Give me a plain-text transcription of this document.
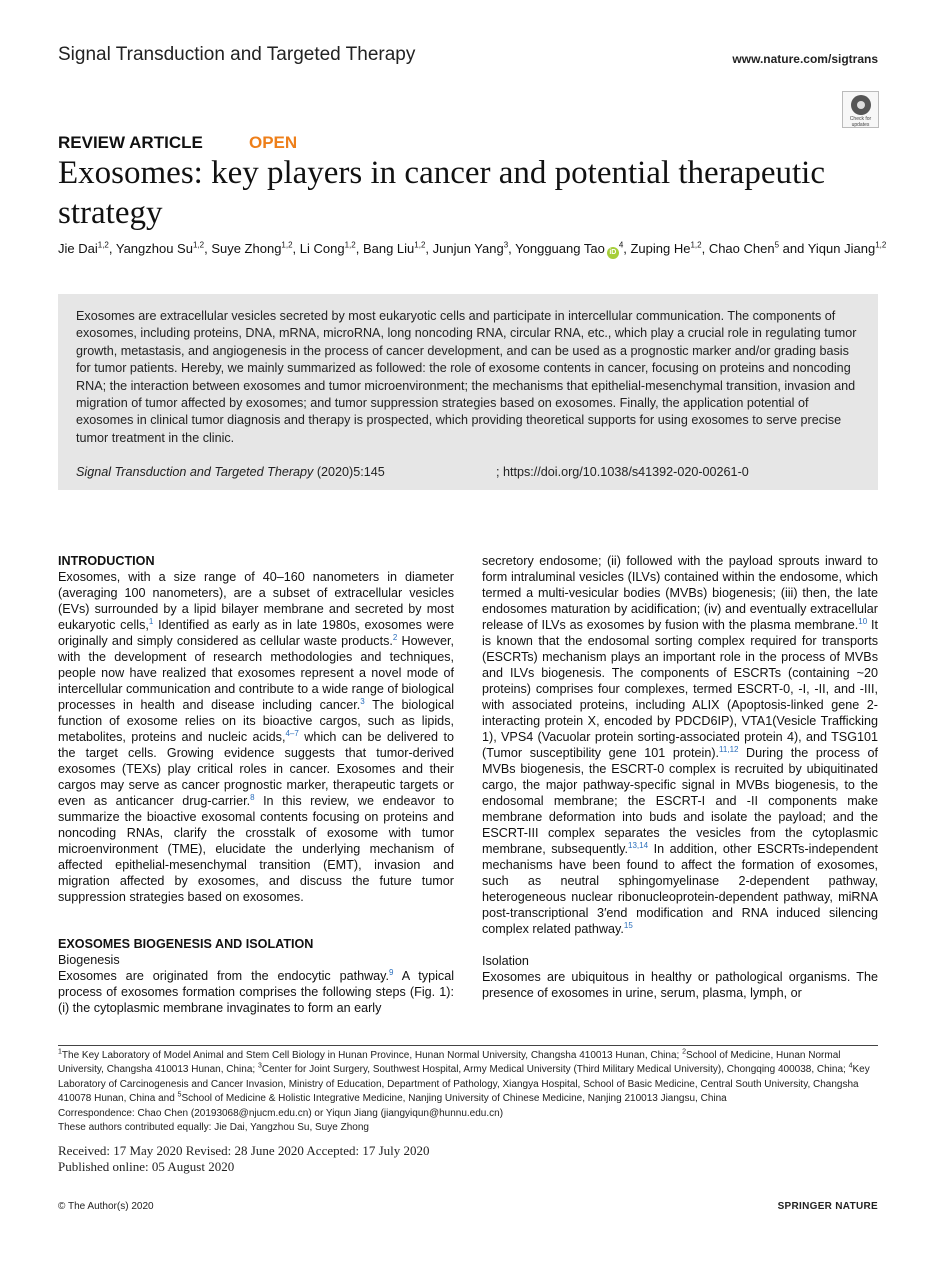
Signal Transduction and Targeted Therapy	www.nature.com/sigtrans
Check for updates
REVIEW ARTICLE	OPEN
Exosomes: key players in cancer and potential therapeutic strategy
Jie Dai$^{1,2}$, Yangzhou Su$^{1,2}$, Suye Zhong$^{1,2}$, Li Cong$^{1,2}$, Bang Liu$^{1,2}$, Junjun Yang$^3$, Yongguang Tao $iD^4$, Zuping He$^{1,2}$, Chao Chen$^5$ and Yiqun Jiang$^{1,2}$
Exosomes are extracellular vesicles secreted by most eukaryotic cells and participate in intercellular communication. The components of exosomes, including proteins, DNA, mRNA, microRNA, long noncoding RNA, circular RNA, etc., which play a crucial role in regulating tumor growth, metastasis, and angiogenesis in the process of cancer development, and can be used as a prognostic marker and/or grading basis for tumor patients. Hereby, we mainly summarized as followed: the role of exosome contents in cancer, focusing on proteins and noncoding RNA; the interaction between exosomes and tumor microenvironment; the mechanisms that epithelial-mesenchymal transition, invasion and migration of tumor affected by exosomes; and tumor suppression strategies based on exosomes. Finally, the application potential of exosomes in clinical tumor diagnosis and therapy is prospected, which providing theoretical supports for using exosomes to serve precise tumor treatment in the clinic.
Signal Transduction and Targeted Therapy (2020)5:145	; https://doi.org/10.1038/s41392-020-00261-0

INTRODUCTION

Exosomes, with a size range of 40–160 nanometers in diameter (averaging 100 nanometers), are a subset of extracellular vesicles (EVs) surrounded by a lipid bilayer membrane and secreted by most eukaryotic cells,$^1$ Identified as early as in late 1980s, exosomes were originally and simply considered as cellular waste products.$^2$ However, with the development of research methodologies and techniques, people now have realized that exosomes represent a novel mode of intercellular communication and contribute to a wide range of biological processes in health and disease including cancer.$^3$ The biological function of exosome relies on its bioactive cargos, such as lipids, metabolites, proteins and nucleic acids,$^{4-7}$ which can be delivered to the target cells. Growing evidence suggests that tumor-derived exosomes (TEXs) play critical roles in cancer. Exosomes and their cargos may serve as cancer prognostic marker, therapeutic targets or even as anticancer drug-carrier.$^8$ In this review, we endeavor to summarize the bioactive exosomal contents focusing on proteins and noncoding RNAs, clarify the crosstalk of exosome with tumor microenvironment (TME), elucidate the underlying mechanism of affected epithelial-mesenchymal transition (EMT), invasion and migration affected by exosomes, and discuss the future tumor suppression strategies based on exosomes.

EXOSOMES BIOGENESIS AND ISOLATION

Biogenesis

Exosomes are originated from the endocytic pathway.$^9$ A typical process of exosomes formation comprises the following steps (Fig. 1): (i) the cytoplasmic membrane invaginates to form an early

secretory endosome; (ii) followed with the payload sprouts inward to form intraluminal vesicles (ILVs) contained within the endosome, which termed a multi-vesicular bodies (MVBs) biogenesis; (iii) then, the late endosomes maturation by acidification; (iv) and eventually extracellular release of ILVs as exosomes by fusion with the plasma membrane.$^{10}$ It is known that the endosomal sorting complex required for transports (ESCRTs) mechanism plays an important role in the process of MVBs and ILVs biogenesis. The components of ESCRTs (containing ~20 proteins) comprises four complexes, termed ESCRT-0, -I, -II, and -III, with associated proteins, including ALIX (Apoptosis-linked gene 2-interacting protein X, encoded by PDCD6IP), VTA1(Vesicle Trafficking 1), VPS4 (Vacuolar protein sorting-associated protein 4), and TSG101 (Tumor susceptibility gene 101 protein).$^{11,12}$ During the process of MVBs biogenesis, the ESCRT-0 complex is recruited by ubiquitinated cargo, the major pathway-specific signal in MVBs biogenesis, to the endosomal membrane; the ESCRT-I and -II components make membrane deformation into buds and isolate the payload; and the ESCRT-III complex separates the vesicles from the cytoplasmic membrane, subsequently.$^{13,14}$ In addition, other ESCRTs-independent mechanisms have been found to affect the formation of exosomes, such as neutral sphingomyelinase 2-dependent pathway, heterogeneous nuclear ribonucleoprotein-dependent pathway, miRNA post-transcriptional 3′end modification and RNA induced silencing complex related pathway.$^{15}$

Isolation

Exosomes are ubiquitous in healthy or pathological organisms. The presence of exosomes in urine, serum, plasma, lymph, or

$^1$The Key Laboratory of Model Animal and Stem Cell Biology in Hunan Province, Hunan Normal University, Changsha 410013 Hunan, China; $^2$School of Medicine, Hunan Normal University, Changsha 410013 Hunan, China; $^3$Center for Joint Surgery, Southwest Hospital, Army Medical University (Third Military Medical University), Chongqing 400038, China; $^4$Key Laboratory of Carcinogenesis and Cancer Invasion, Ministry of Education, Department of Pathology, Xiangya Hospital, School of Basic Medicine, Central South University, Changsha 410078 Hunan, China and $^5$School of Medicine & Holistic Integrative Medicine, Nanjing University of Chinese Medicine, Nanjing 210013 Jiangsu, China
Correspondence: Chao Chen (20193068@njucm.edu.cn) or Yiqun Jiang (jiangyiqun@hunnu.edu.cn)
These authors contributed equally: Jie Dai, Yangzhou Su, Suye Zhong
Received: 17 May 2020 Revised: 28 June 2020 Accepted: 17 July 2020
Published online: 05 August 2020
© The Author(s) 2020	SPRINGER NATURE
